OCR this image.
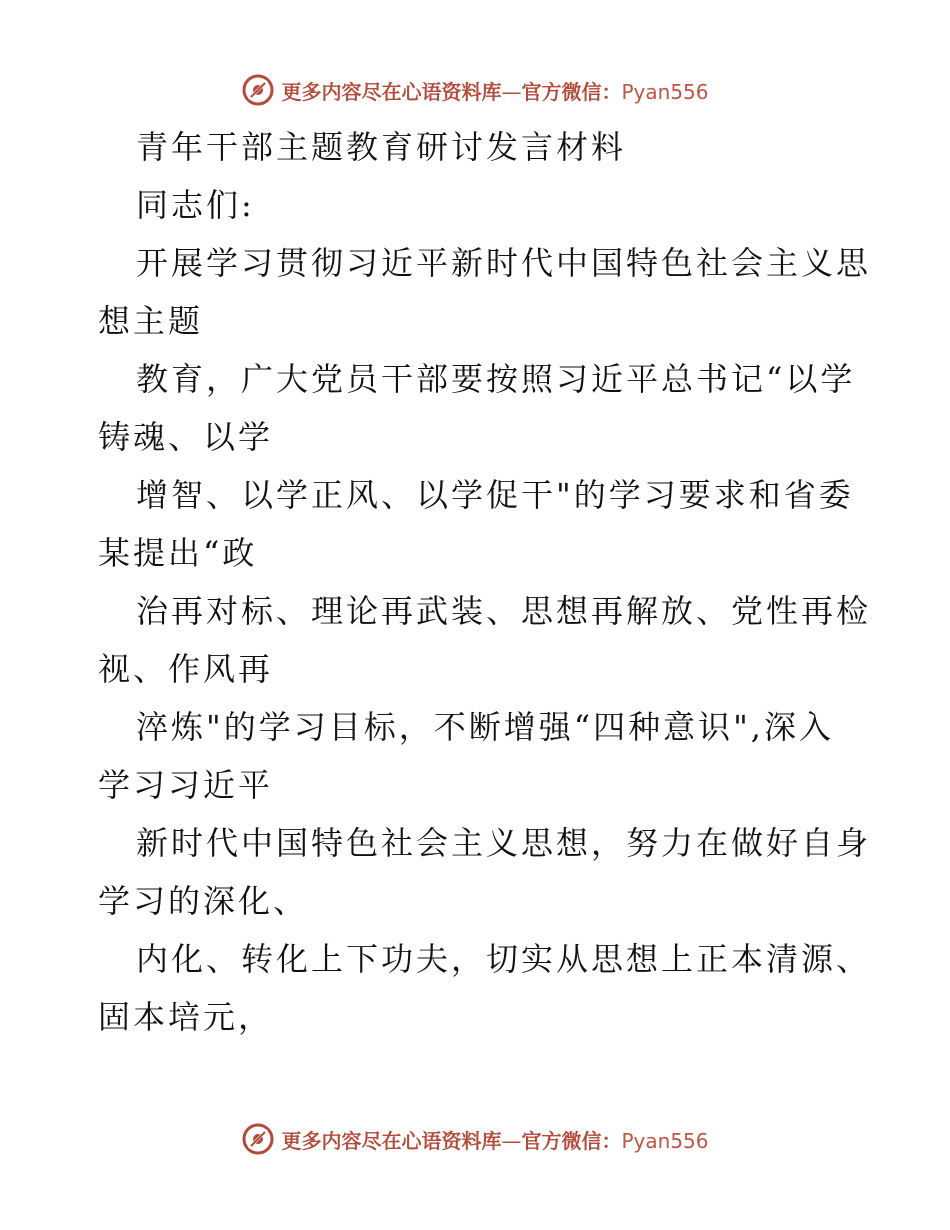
更多内容尽在心语资料库—官方微信：Pyan556
青年干部主题教育研讨发言材料
同志们:
开展学习贯彻习近平新时代中国特色社会主义思
想主题
教育，广大党员干部要按照习近平总书记“以学
铸魂、以学
增智、以学正风、以学促干"的学习要求和省委
某提出“政
治再对标、理论再武装、思想再解放、党性再检
视、作风再
淬炼"的学习目标，不断增强“四种意识",深入
学习习近平
新时代中国特色社会主义思想，努力在做好自身
学习的深化、
内化、转化上下功夫，切实从思想上正本清源、
固本培元，
更多内容尽在心语资料库—官方微信：Pyan556
